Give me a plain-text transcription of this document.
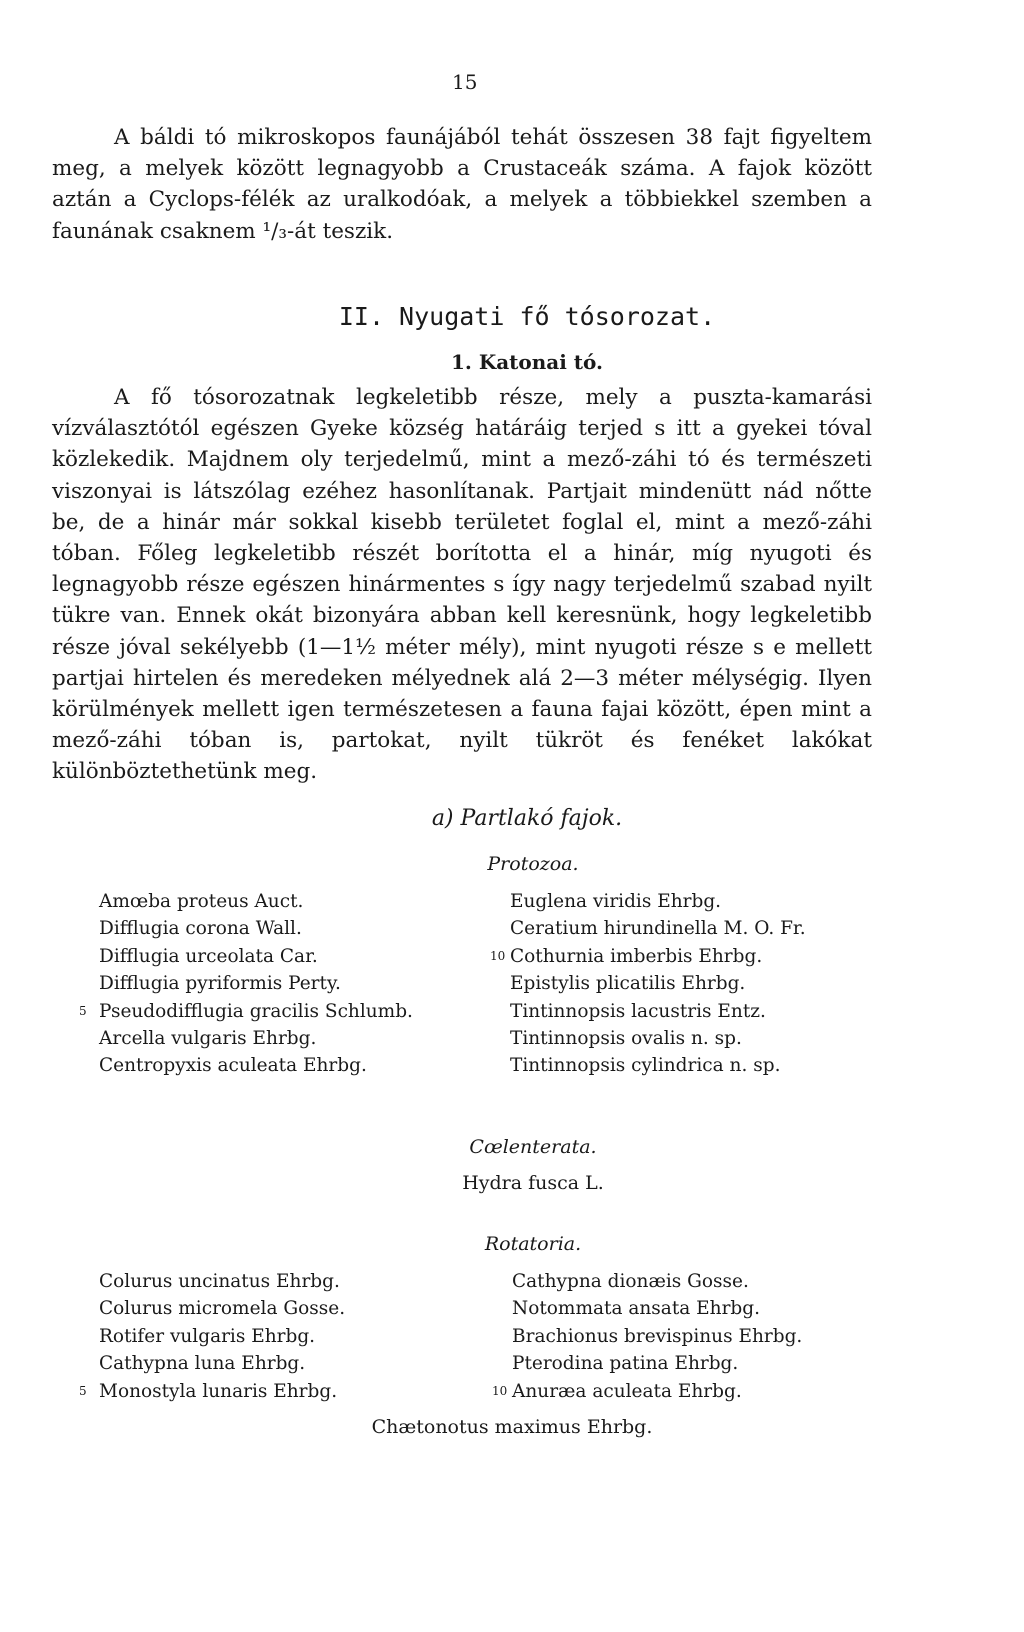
15

A báldi tó mikroskopos faunájából tehát összesen 38 fajt figyeltem meg, a melyek között legnagyobb a Crustaceák száma. A fajok között aztán a Cyclops-félék az uralkodóak, a melyek a többiekkel szemben a faunának csaknem ¹/₃-át teszik.

II. Nyugati fő tósorozat.
1. Katonai tó.

A fő tósorozatnak legkeletibb része, mely a puszta-kamarási vízválasztótól egészen Gyeke község határáig terjed s itt a gyekei tóval közlekedik. Majdnem oly terjedelmű, mint a mező-záhi tó és természeti viszonyai is látszólag ezéhez hasonlítanak. Partjait mindenütt nád nőtte be, de a hinár már sokkal kisebb területet foglal el, mint a mező-záhi tóban. Főleg legkeletibb részét borította el a hinár, míg nyugoti és legnagyobb része egészen hinármentes s így nagy terjedelmű szabad nyilt tükre van. Ennek okát bizonyára abban kell keresnünk, hogy legkeletibb része jóval sekélyebb (1—1½ méter mély), mint nyugoti része s e mellett partjai hirtelen és meredeken mélyednek alá 2—3 méter mélységig. Ilyen körülmények mellett igen természetesen a fauna fajai között, épen mint a mező-záhi tóban is, partokat, nyilt tükröt és fenéket lakókat különböztethetünk meg.

a) Partlakó fajok.
Protozoa.
Amœba proteus Auct.
Difflugia corona Wall.
Difflugia urceolata Car.
Difflugia pyriformis Perty.
5 Pseudodifflugia gracilis Schlumb.
Arcella vulgaris Ehrbg.
Centropyxis aculeata Ehrbg.
Euglena viridis Ehrbg.
Ceratium hirundinella M. O. Fr.
10 Cothurnia imberbis Ehrbg.
Epistylis plicatilis Ehrbg.
Tintinnopsis lacustris Entz.
Tintinnopsis ovalis n. sp.
Tintinnopsis cylindrica n. sp.
Cœlenterata.
Hydra fusca L.
Rotatoria.
Colurus uncinatus Ehrbg.
Colurus micromela Gosse.
Rotifer vulgaris Ehrbg.
Cathypna luna Ehrbg.
5 Monostyla lunaris Ehrbg.
Cathypna dionæis Gosse.
Notommata ansata Ehrbg.
Brachionus brevispinus Ehrbg.
Pterodina patina Ehrbg.
10 Anuræa aculeata Ehrbg.
Chætonotus maximus Ehrbg.
